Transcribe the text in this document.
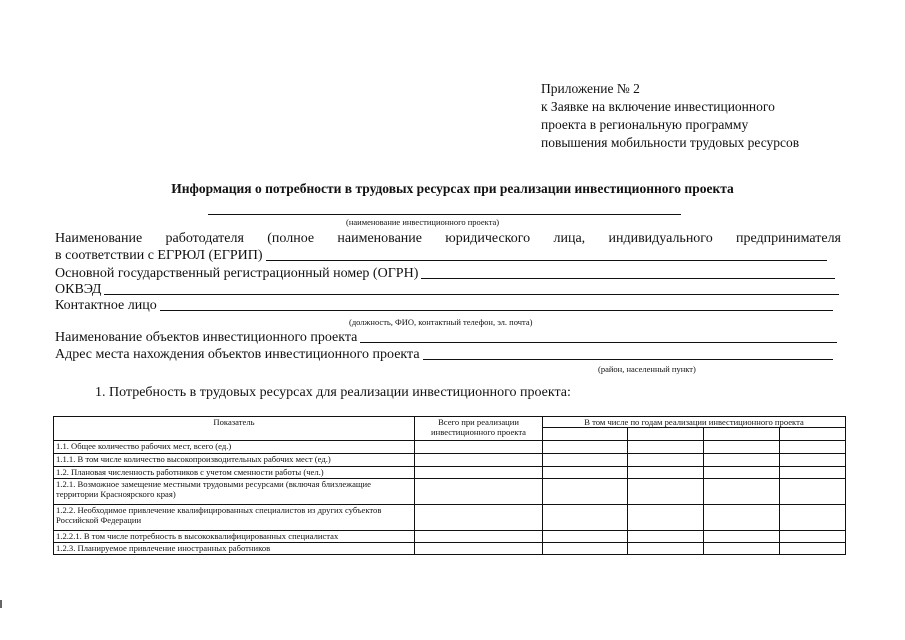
Приложение № 2
к Заявке на включение инвестиционного
проекта в региональную программу
повышения мобильности трудовых ресурсов
Информация о потребности в трудовых ресурсах при реализации инвестиционного проекта
(наименование инвестиционного проекта)
Наименование работодателя (полное наименование юридического лица, индивидуального предпринимателя
в соответствии с ЕГРЮЛ (ЕГРИП)
Основной государственный регистрационный номер (ОГРН)
ОКВЭД
Контактное лицо
(должность, ФИО, контактный телефон, эл. почта)
Наименование объектов инвестиционного проекта
Адрес места нахождения объектов инвестиционного проекта
(район, населенный пункт)
1. Потребность в трудовых ресурсах для реализации инвестиционного проекта:
Показатель	Всего при реализации инвестиционного проекта	В том числе по годам реализации инвестиционного проекта			

1.1. Общее количество рабочих мест, всего (ед.)					
1.1.1. В том числе количество высокопроизводительных рабочих мест (ед.)					
1.2. Плановая численность работников с учетом сменности работы (чел.)					
1.2.1. Возможное замещение местными трудовыми ресурсами (включая близлежащие территории Красноярского края)					
1.2.2. Необходимое привлечение квалифицированных специалистов из других субъектов Российской Федерации					
1.2.2.1. В том числе потребность в высококвалифицированных специалистах					
1.2.3. Планируемое привлечение иностранных работников					
